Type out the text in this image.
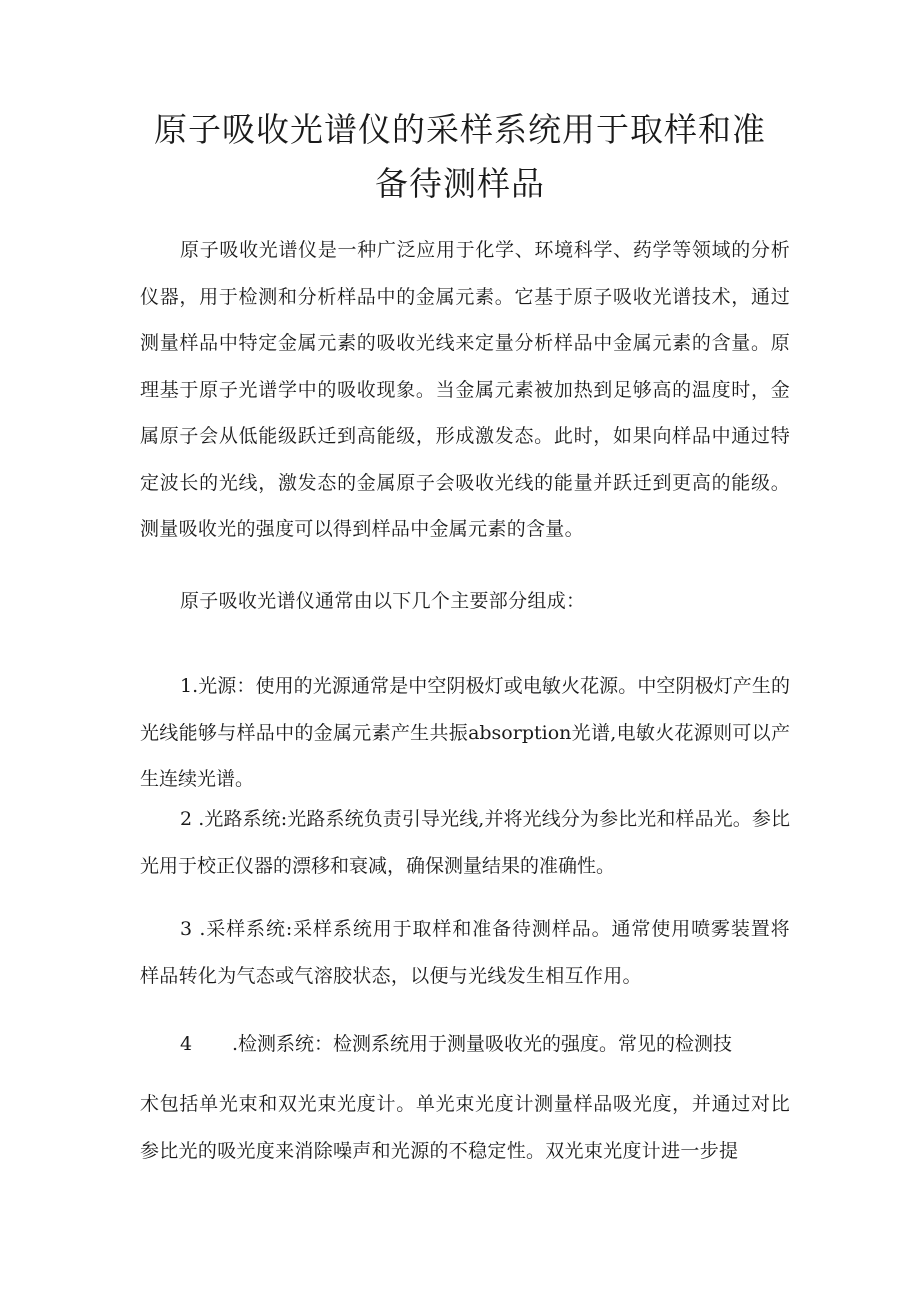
原子吸收光谱仪的采样系统用于取样和准
备待测样品

原子吸收光谱仪是一种广泛应用于化学、环境科学、药学等领域的分析仪器，用于检测和分析样品中的金属元素。它基于原子吸收光谱技术，通过测量样品中特定金属元素的吸收光线来定量分析样品中金属元素的含量。原理基于原子光谱学中的吸收现象。当金属元素被加热到足够高的温度时，金属原子会从低能级跃迁到高能级，形成激发态。此时，如果向样品中通过特定波长的光线，激发态的金属原子会吸收光线的能量并跃迁到更高的能级。测量吸收光的强度可以得到样品中金属元素的含量。

原子吸收光谱仪通常由以下几个主要部分组成：

1.光源：使用的光源通常是中空阴极灯或电敏火花源。中空阴极灯产生的光线能够与样品中的金属元素产生共振absorption光谱,电敏火花源则可以产生连续光谱。

2 .光路系统:光路系统负责引导光线,并将光线分为参比光和样品光。参比光用于校正仪器的漂移和衰减，确保测量结果的准确性。

3 .采样系统:采样系统用于取样和准备待测样品。通常使用喷雾装置将样品转化为气态或气溶胶状态，以便与光线发生相互作用。

4 .检测系统：检测系统用于测量吸收光的强度。常见的检测技

术包括单光束和双光束光度计。单光束光度计测量样品吸光度，并通过对比参比光的吸光度来消除噪声和光源的不稳定性。双光束光度计进一步提
